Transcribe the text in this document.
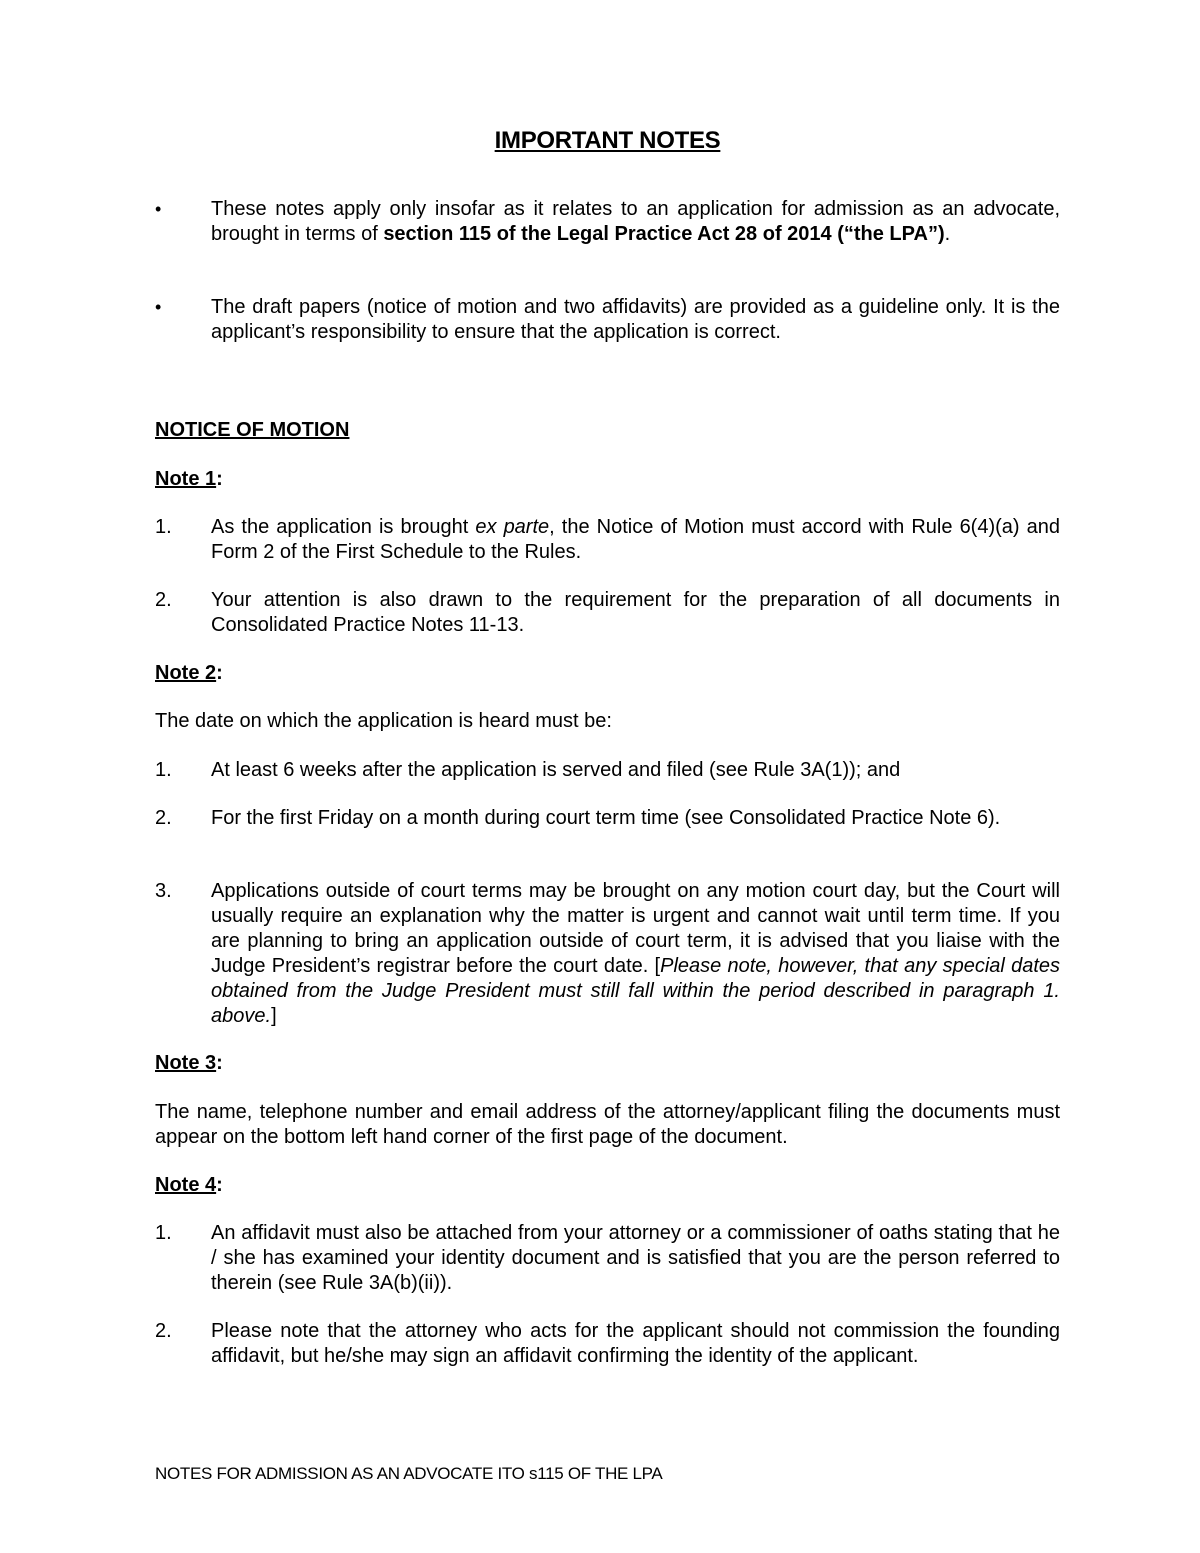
IMPORTANT NOTES
• These notes apply only insofar as it relates to an application for admission as an advocate, brought in terms of section 115 of the Legal Practice Act 28 of 2014 (“the LPA”).
• The draft papers (notice of motion and two affidavits) are provided as a guideline only. It is the applicant’s responsibility to ensure that the application is correct.
NOTICE OF MOTION
Note 1:
1. As the application is brought ex parte, the Notice of Motion must accord with Rule 6(4)(a) and Form 2 of the First Schedule to the Rules.
2. Your attention is also drawn to the requirement for the preparation of all documents in Consolidated Practice Notes 11-13.
Note 2:
The date on which the application is heard must be:
1. At least 6 weeks after the application is served and filed (see Rule 3A(1)); and
2. For the first Friday on a month during court term time (see Consolidated Practice Note 6).
3. Applications outside of court terms may be brought on any motion court day, but the Court will usually require an explanation why the matter is urgent and cannot wait until term time. If you are planning to bring an application outside of court term, it is advised that you liaise with the Judge President’s registrar before the court date. [Please note, however, that any special dates obtained from the Judge President must still fall within the period described in paragraph 1. above.]
Note 3:
The name, telephone number and email address of the attorney/applicant filing the documents must appear on the bottom left hand corner of the first page of the document.
Note 4:
1. An affidavit must also be attached from your attorney or a commissioner of oaths stating that he / she has examined your identity document and is satisfied that you are the person referred to therein (see Rule 3A(b)(ii)).
2. Please note that the attorney who acts for the applicant should not commission the founding affidavit, but he/she may sign an affidavit confirming the identity of the applicant.
NOTES FOR ADMISSION AS AN ADVOCATE ITO s115 OF THE LPA
